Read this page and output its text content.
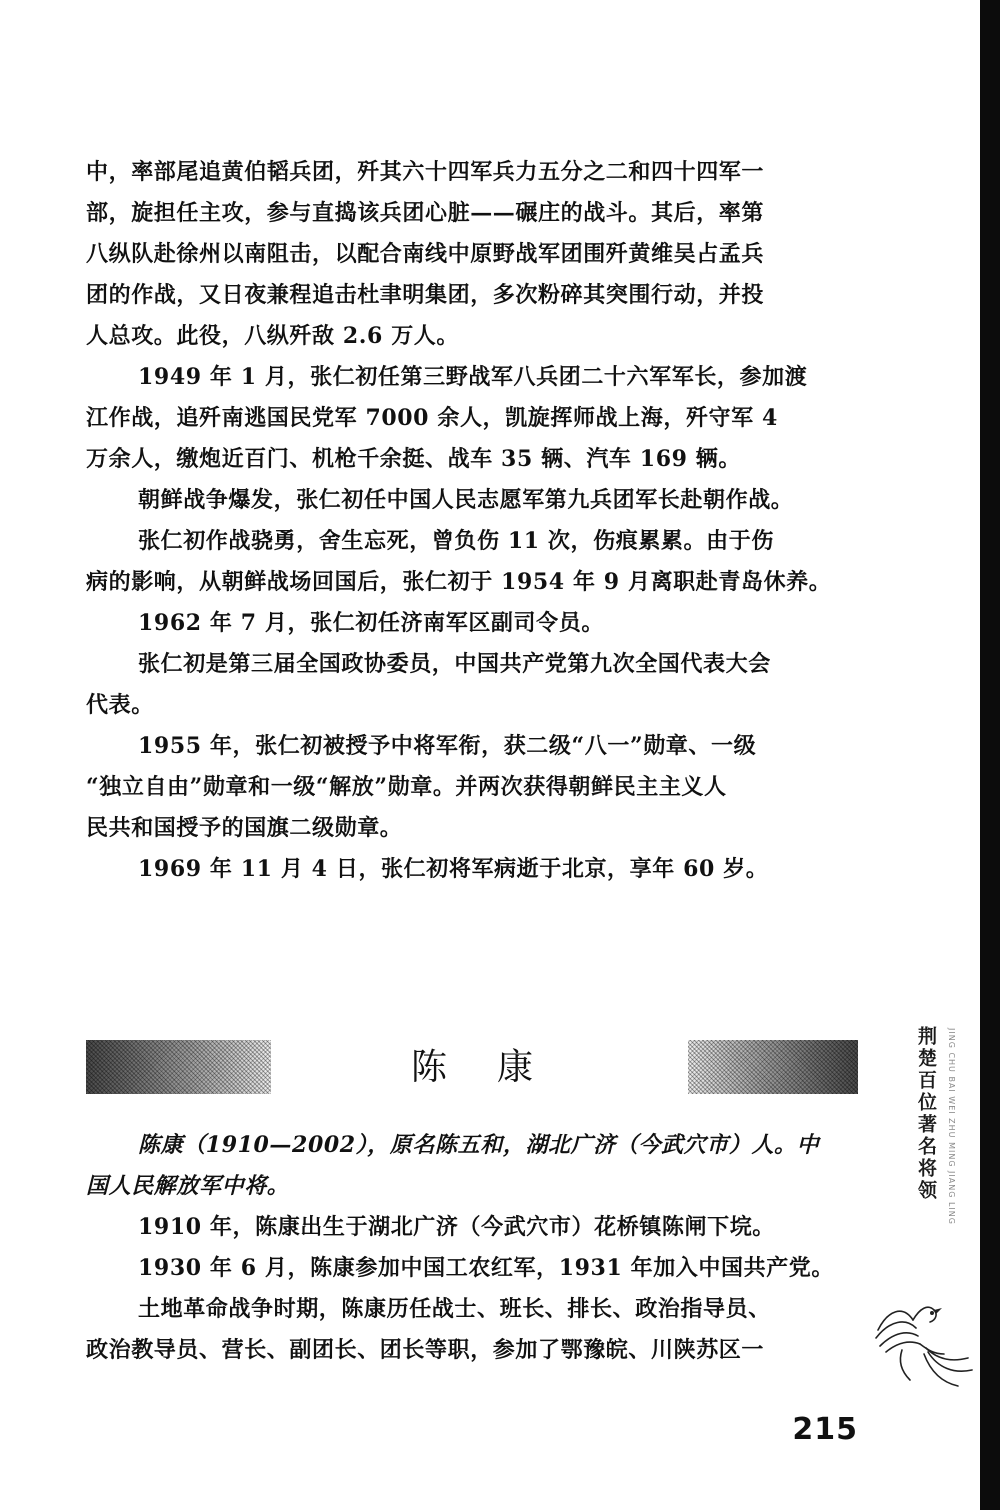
中，率部尾追黄伯韬兵团，歼其六十四军兵力五分之二和四十四军一
部，旋担任主攻，参与直捣该兵团心脏——碾庄的战斗。其后，率第
八纵队赴徐州以南阻击，以配合南线中原野战军团围歼黄维吴占孟兵
团的作战，又日夜兼程追击杜聿明集团，多次粉碎其突围行动，并投
人总攻。此役，八纵歼敌 2.6 万人。
1949 年 1 月，张仁初任第三野战军八兵团二十六军军长，参加渡
江作战，追歼南逃国民党军 7000 余人，凯旋挥师战上海，歼守军 4
万余人，缴炮近百门、机枪千余挺、战车 35 辆、汽车 169 辆。
朝鲜战争爆发，张仁初任中国人民志愿军第九兵团军长赴朝作战。
张仁初作战骁勇，舍生忘死，曾负伤 11 次，伤痕累累。由于伤
病的影响，从朝鲜战场回国后，张仁初于 1954 年 9 月离职赴青岛休养。
1962 年 7 月，张仁初任济南军区副司令员。
张仁初是第三届全国政协委员，中国共产党第九次全国代表大会
代表。
1955 年，张仁初被授予中将军衔，获二级“八一”勋章、一级
“独立自由”勋章和一级“解放”勋章。并两次获得朝鲜民主主义人
民共和国授予的国旗二级勋章。
1969 年 11 月 4 日，张仁初将军病逝于北京，享年 60 岁。
陈 康
陈康（1910—2002），原名陈五和，湖北广济（今武穴市）人。中
国人民解放军中将。
1910 年，陈康出生于湖北广济（今武穴市）花桥镇陈闸下垸。
1930 年 6 月，陈康参加中国工农红军，1931 年加入中国共产党。
土地革命战争时期，陈康历任战士、班长、排长、政治指导员、
政治教导员、营长、副团长、团长等职，参加了鄂豫皖、川陕苏区一
荆楚百位著名将领	JING CHU BAI WEI ZHU MING JIANG LING
215
